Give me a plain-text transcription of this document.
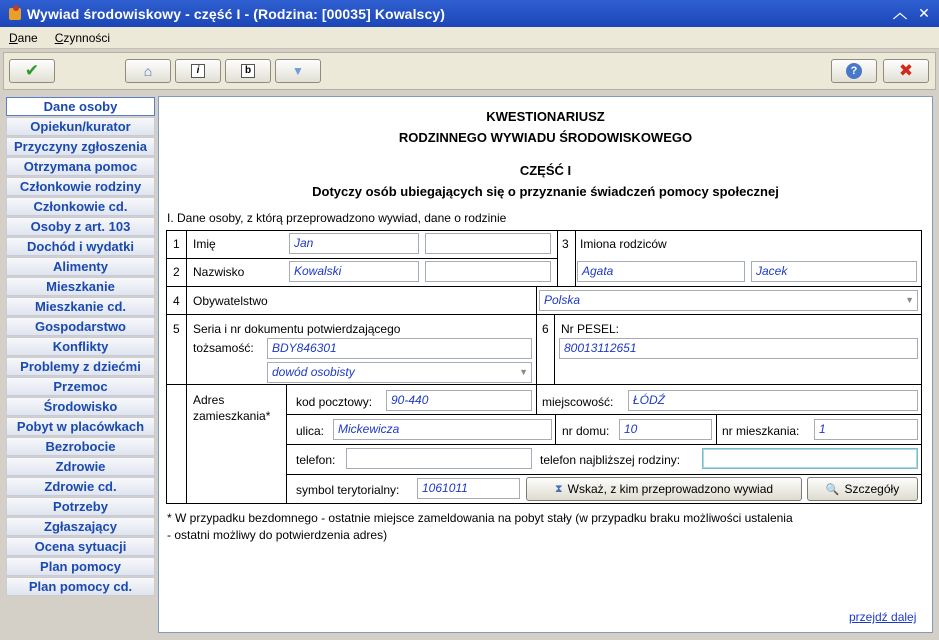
Wywiad środowiskowy - część I - (Rodzina: [00035] Kowalscy)	︿ ✕
Dane	Czynności
✔	⌂	i	b	▼	? ✖
Dane osoby
Opiekun/kurator
Przyczyny zgłoszenia
Otrzymana pomoc
Członkowie rodziny
Członkowie cd.
Osoby z art. 103
Dochód i wydatki
Alimenty
Mieszkanie
Mieszkanie cd.
Gospodarstwo
Konflikty
Problemy z dziećmi
Przemoc
Środowisko
Pobyt w placówkach
Bezrobocie
Zdrowie
Zdrowie cd.
Potrzeby
Zgłaszający
Ocena sytuacji
Plan pomocy
Plan pomocy cd.
KWESTIONARIUSZ
RODZINNEGO WYWIADU ŚRODOWISKOWEGO
CZĘŚĆ I
Dotyczy osób ubiegających się o przyznanie świadczeń pomocy społecznej
I. Dane osoby, z którą przeprowadzono wywiad, dane o rodzinie
1 Imię	Jan
2 Nazwisko	Kowalski
3 Imiona rodziców
Agata	Jacek
4 Obywatelstwo	Polska	▼
5 Seria i nr dokumentu potwierdzającego
tożsamość:	BDY846301
dowód osobisty	▼
6 Nr PESEL:
80013112651
Adres
zamieszkania*
kod pocztowy:	90-440	miejscowość:	ŁÓDŹ
ulica:	Mickewicza	nr domu:	10	nr mieszkania:	1
telefon:	telefon najbliższej rodziny:
symbol terytorialny:	1061011	⧗ Wskaż, z kim przeprowadzono wywiad	🔍 Szczegóły
* W przypadku bezdomnego - ostatnie miejsce zameldowania na pobyt stały (w przypadku braku możliwości ustalenia
- ostatni możliwy do potwierdzenia adres)
przejdź dalej
